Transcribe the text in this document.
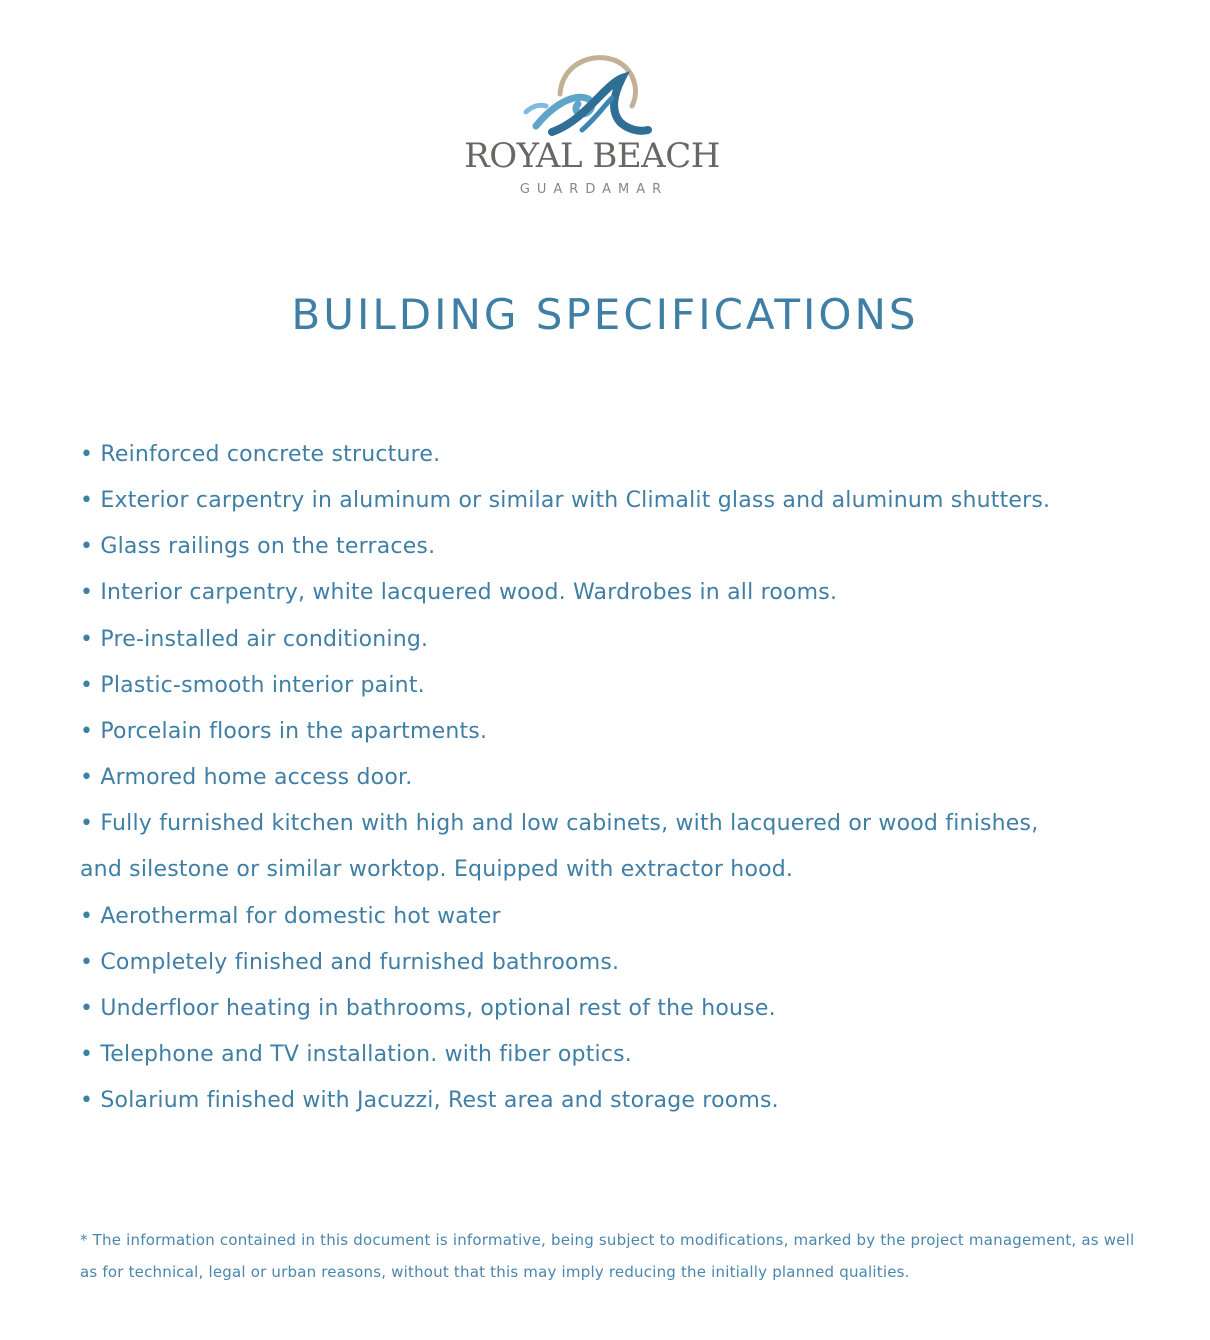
ROYAL BEACH
GUARDAMAR
BUILDING SPECIFICATIONS
• Reinforced concrete structure.
• Exterior carpentry in aluminum or similar with Climalit glass and aluminum shutters.
• Glass railings on the terraces.
• Interior carpentry, white lacquered wood. Wardrobes in all rooms.
• Pre-installed air conditioning.
• Plastic-smooth interior paint.
• Porcelain floors in the apartments.
• Armored home access door.
• Fully furnished kitchen with high and low cabinets, with lacquered or wood finishes,
and silestone or similar worktop. Equipped with extractor hood.
• Aerothermal for domestic hot water
• Completely finished and furnished bathrooms.
• Underfloor heating in bathrooms, optional rest of the house.
• Telephone and TV installation. with fiber optics.
• Solarium finished with Jacuzzi, Rest area and storage rooms.

* The information contained in this document is informative, being subject to modifications, marked by the project management, as well as for technical, legal or urban reasons, without that this may imply reducing the initially planned qualities.
